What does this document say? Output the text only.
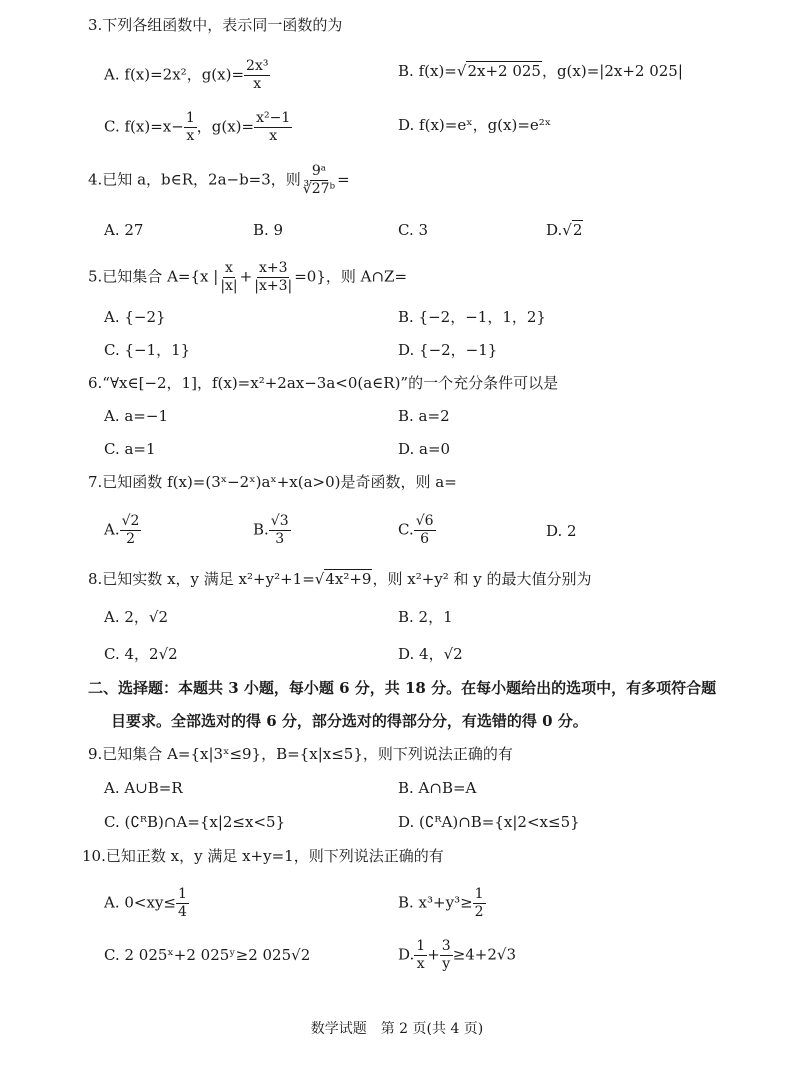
3.下列各组函数中，表示同一函数的为
A. f(x)=2x²，$g(x)= \frac{\text{2x³}}{x}$	B. f(x)=√2x+2 025，g(x)=|2x+2 025|
C. $f(x)=x- \frac{1}{x}$ ，$g(x)= \frac{\text{x²−1}}{x}$	D. f(x)=eˣ，g(x)=e²ˣ
4.已知 a，b∈R，2a−b=3，则 $\frac{\text{9ᵃ}}{\text{∛27ᵇ}}$ =
A. 27	B. 9	C. 3	D.√2
5.已知集合 A={x | $\frac{x}{|x|} + \frac{x+3}{|x+3|} =0$}，则 A∩Z=
A. {−2}	B. {−2，−1，1，2}
C. {−1，1}	D. {−2，−1}
6.“∀x∈[−2，1]，f(x)=x²+2ax−3a<0(a∈R)”的一个充分条件可以是
A. a=−1	B. a=2
C. a=1	D. a=0
7.已知函数 f(x)=(3ˣ−2ˣ)aˣ+x(a>0)是奇函数，则 a=
A. $\frac{√2}{2}$	B. $\frac{√3}{3}$	C. $\frac{√6}{6}$	D. 2
8.已知实数 x，y 满足 x²+y²+1=√4x²+9，则 x²+y² 和 y 的最大值分别为
A. 2，√2	B. 2，1
C. 4，2√2	D. 4，√2
二、选择题：本题共 3 小题，每小题 6 分，共 18 分。在每小题给出的选项中，有多项符合题
目要求。全部选对的得 6 分，部分选对的得部分分，有选错的得 0 分。
9.已知集合 A={x|3ˣ≤9}，B={x|x≤5}，则下列说法正确的有
A. A∪B=R	B. A∩B=A
C. (∁ᴿB)∩A={x|2≤x<5}	D. (∁ᴿA)∩B={x|2<x≤5}
10.已知正数 x，y 满足 x+y=1，则下列说法正确的有
A. $0<xy\le \frac{1}{4}$	B. $x^3+y^3\ge \frac{1}{2}$
C. 2 025ˣ+2 025ʸ≥2 025√2	D. $\frac{1}{x} + \frac{3}{y} \ge 4+2√3$
数学试题　第 2 页(共 4 页)
